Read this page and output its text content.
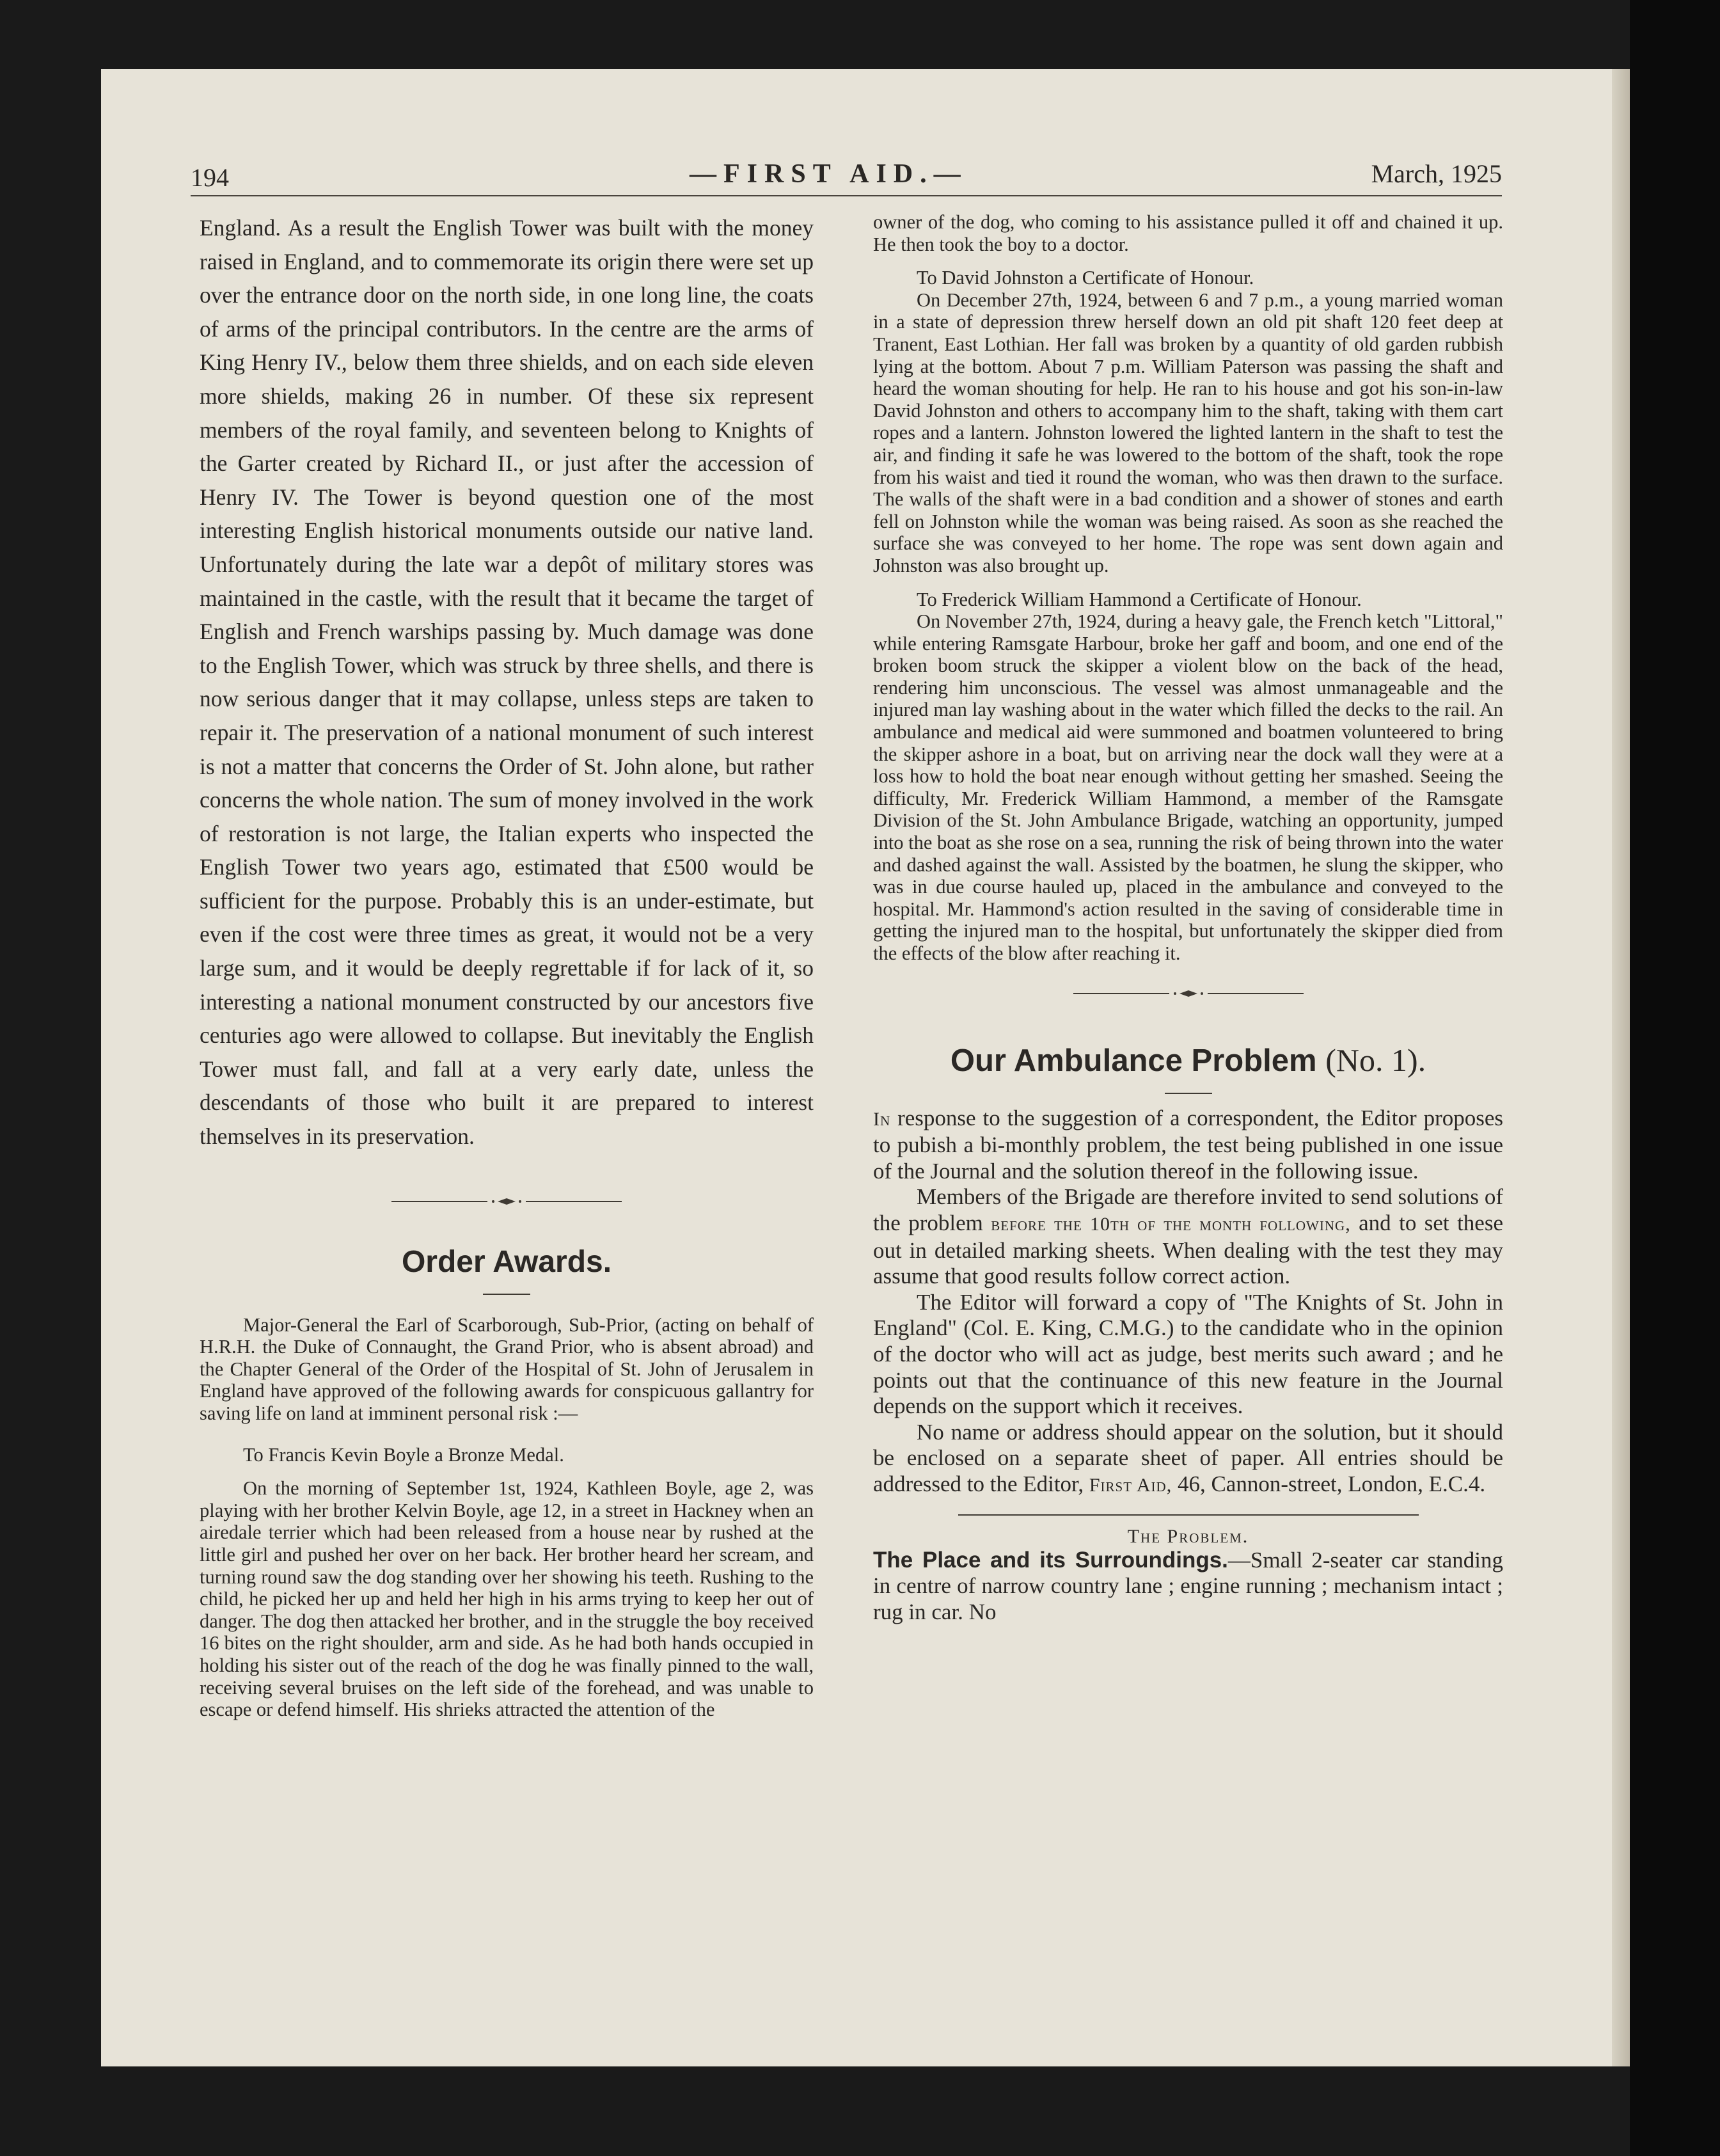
194	—FIRST AID.—	March, 1925

England. As a result the English Tower was built with the money raised in England, and to commemorate its origin there were set up over the entrance door on the north side, in one long line, the coats of arms of the principal contributors. In the centre are the arms of King Henry IV., below them three shields, and on each side eleven more shields, making 26 in number. Of these six represent members of the royal family, and seventeen belong to Knights of the Garter created by Richard II., or just after the accession of Henry IV. The Tower is beyond question one of the most interesting English historical monuments outside our native land. Unfortunately during the late war a depôt of military stores was maintained in the castle, with the result that it became the target of English and French warships passing by. Much damage was done to the English Tower, which was struck by three shells, and there is now serious danger that it may collapse, unless steps are taken to repair it. The preservation of a national monument of such interest is not a matter that concerns the Order of St. John alone, but rather concerns the whole nation. The sum of money involved in the work of restoration is not large, the Italian experts who inspected the English Tower two years ago, estimated that £500 would be sufficient for the purpose. Probably this is an under-estimate, but even if the cost were three times as great, it would not be a very large sum, and it would be deeply regrettable if for lack of it, so interesting a national monument constructed by our ancestors five centuries ago were allowed to collapse. But inevitably the English Tower must fall, and fall at a very early date, unless the descendants of those who built it are prepared to interest themselves in its preservation.

Order Awards.

Major-General the Earl of Scarborough, Sub-Prior, (acting on behalf of H.R.H. the Duke of Connaught, the Grand Prior, who is absent abroad) and the Chapter General of the Order of the Hospital of St. John of Jerusalem in England have approved of the following awards for conspicuous gallantry for saving life on land at imminent personal risk :—

To Francis Kevin Boyle a Bronze Medal.

On the morning of September 1st, 1924, Kathleen Boyle, age 2, was playing with her brother Kelvin Boyle, age 12, in a street in Hackney when an airedale terrier which had been released from a house near by rushed at the little girl and pushed her over on her back. Her brother heard her scream, and turning round saw the dog standing over her showing his teeth. Rushing to the child, he picked her up and held her high in his arms trying to keep her out of danger. The dog then attacked her brother, and in the struggle the boy received 16 bites on the right shoulder, arm and side. As he had both hands occupied in holding his sister out of the reach of the dog he was finally pinned to the wall, receiving several bruises on the left side of the forehead, and was unable to escape or defend himself. His shrieks attracted the attention of the

owner of the dog, who coming to his assistance pulled it off and chained it up. He then took the boy to a doctor.

To David Johnston a Certificate of Honour.

On December 27th, 1924, between 6 and 7 p.m., a young married woman in a state of depression threw herself down an old pit shaft 120 feet deep at Tranent, East Lothian. Her fall was broken by a quantity of old garden rubbish lying at the bottom. About 7 p.m. William Paterson was passing the shaft and heard the woman shouting for help. He ran to his house and got his son-in-law David Johnston and others to accompany him to the shaft, taking with them cart ropes and a lantern. Johnston lowered the lighted lantern in the shaft to test the air, and finding it safe he was lowered to the bottom of the shaft, took the rope from his waist and tied it round the woman, who was then drawn to the surface. The walls of the shaft were in a bad condition and a shower of stones and earth fell on Johnston while the woman was being raised. As soon as she reached the surface she was conveyed to her home. The rope was sent down again and Johnston was also brought up.

To Frederick William Hammond a Certificate of Honour.

On November 27th, 1924, during a heavy gale, the French ketch "Littoral," while entering Ramsgate Harbour, broke her gaff and boom, and one end of the broken boom struck the skipper a violent blow on the back of the head, rendering him unconscious. The vessel was almost unmanageable and the injured man lay washing about in the water which filled the decks to the rail. An ambulance and medical aid were summoned and boatmen volunteered to bring the skipper ashore in a boat, but on arriving near the dock wall they were at a loss how to hold the boat near enough without getting her smashed. Seeing the difficulty, Mr. Frederick William Hammond, a member of the Ramsgate Division of the St. John Ambulance Brigade, watching an opportunity, jumped into the boat as she rose on a sea, running the risk of being thrown into the water and dashed against the wall. Assisted by the boatmen, he slung the skipper, who was in due course hauled up, placed in the ambulance and conveyed to the hospital. Mr. Hammond's action resulted in the saving of considerable time in getting the injured man to the hospital, but unfortunately the skipper died from the effects of the blow after reaching it.

Our Ambulance Problem (No. 1).

In response to the suggestion of a correspondent, the Editor proposes to pubish a bi-monthly problem, the test being published in one issue of the Journal and the solution thereof in the following issue.

Members of the Brigade are therefore invited to send solutions of the problem before the 10th of the month following, and to set these out in detailed marking sheets. When dealing with the test they may assume that good results follow correct action.

The Editor will forward a copy of "The Knights of St. John in England" (Col. E. King, C.M.G.) to the candidate who in the opinion of the doctor who will act as judge, best merits such award ; and he points out that the continuance of this new feature in the Journal depends on the support which it receives.

No name or address should appear on the solution, but it should be enclosed on a separate sheet of paper. All entries should be addressed to the Editor, First Aid, 46, Cannon-street, London, E.C.4.

The Problem.

The Place and its Surroundings.—Small 2-seater car standing in centre of narrow country lane ; engine running ; mechanism intact ; rug in car. No
